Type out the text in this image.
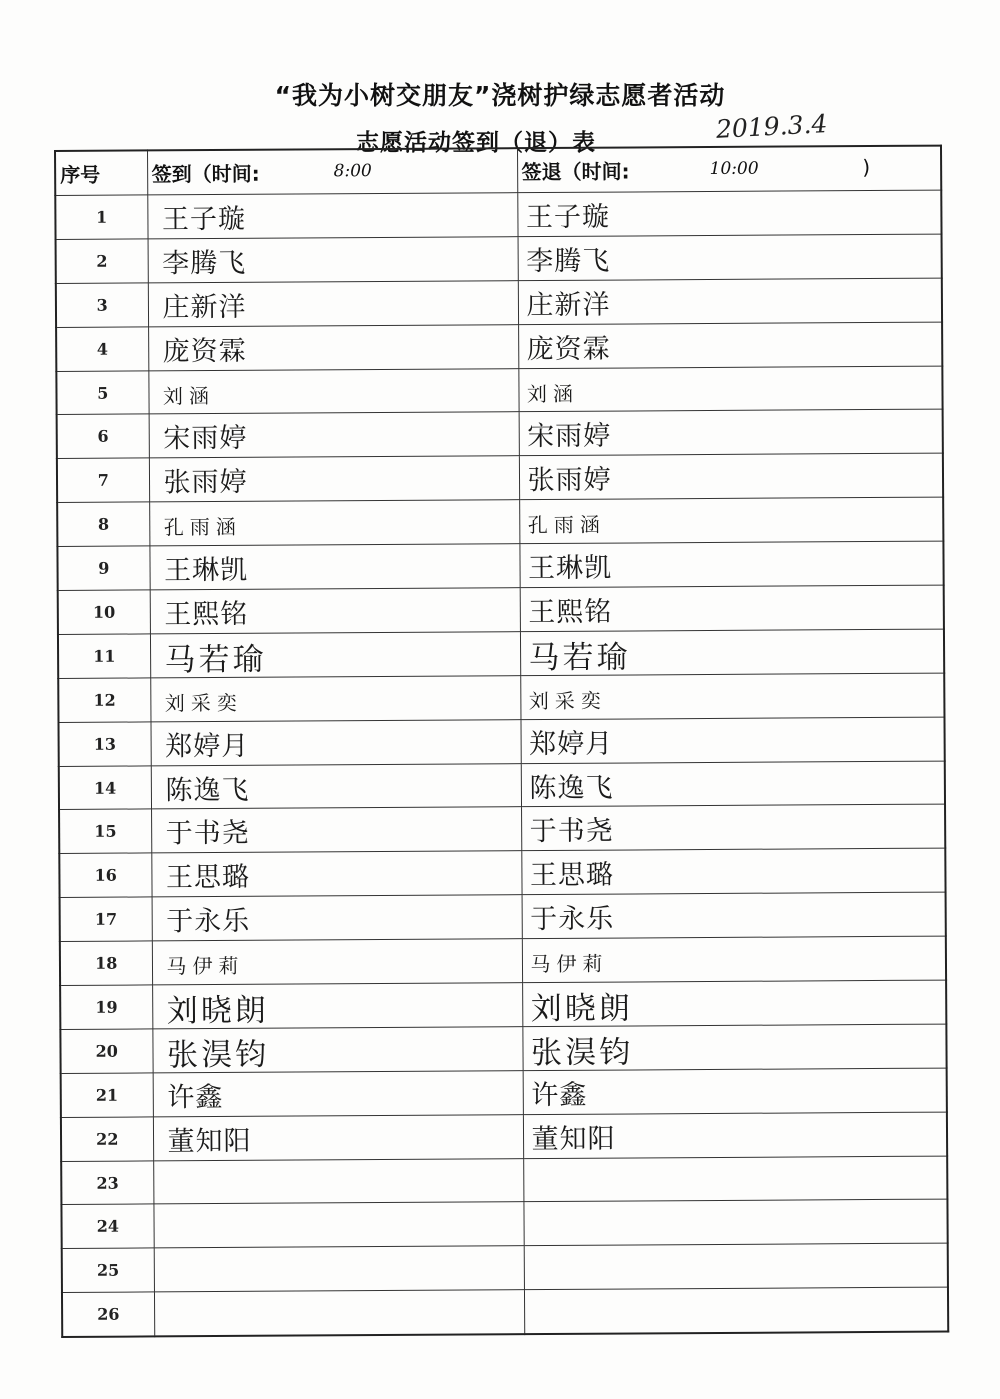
“我为小树交朋友”浇树护绿志愿者活动
志愿活动签到（退）表	2019.3.4
序号	签到（时间: 8:00	签退（时间: 10:00 )

1	王子璇	王子璇

2	李腾飞	李腾飞

3	庄新洋	庄新洋

4	庞资霖	庞资霖

5	刘涵	刘涵

6	宋雨婷	宋雨婷

7	张雨婷	张雨婷

8	孔雨涵	孔雨涵

9	王琳凯	王琳凯

10	王熙铭	王熙铭

11	马若瑜	马若瑜

12	刘采奕	刘采奕

13	郑婷月	郑婷月

14	陈逸飞	陈逸飞

15	于书尧	于书尧

16	王思璐	王思璐

17	于永乐	于永乐

18	马伊莉	马伊莉

19	刘晓朗	刘晓朗

20	张淏钧	张淏钧

21	许鑫	许鑫

22	董知阳	董知阳

23	

24	

25	

26	
